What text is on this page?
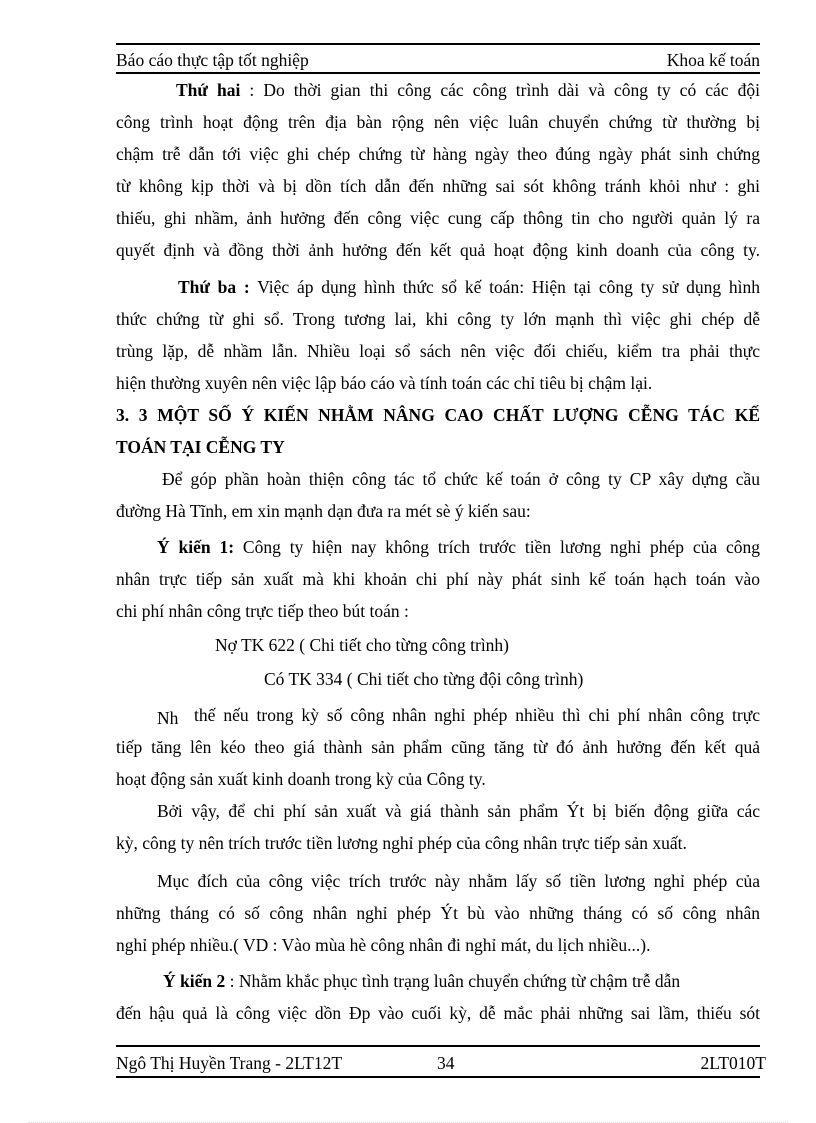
Báo cáo thực tập tốt nghiệp	Khoa kế toán
Thứ hai : Do thời gian thi công các công trình dài và công ty có các đội
công trình hoạt động trên địa bàn rộng nên việc luân chuyển chứng từ thường bị
chậm trễ dẫn tới việc ghi chép chứng từ hàng ngày theo đúng ngày phát sinh chứng
từ không kịp thời và bị dồn tích dẫn đến những sai sót không tránh khỏi như : ghi
thiếu, ghi nhầm, ảnh hưởng đến công việc cung cấp thông tin cho người quản lý ra
quyết định và đồng thời ảnh hưởng đến kết quả hoạt động kinh doanh của công ty.
Thứ ba : Việc áp dụng hình thức sổ kế toán: Hiện tại công ty sử dụng hình
thức chứng từ ghi sổ. Trong tương lai, khi công ty lớn mạnh thì việc ghi chép dễ
trùng lặp, dễ nhầm lẫn. Nhiều loại sổ sách nên việc đối chiếu, kiểm tra phải thực
hiện thường xuyên nên việc lập báo cáo và tính toán các chỉ tiêu bị chậm lại.
3. 3 MỘT SỐ Ý KIẾN NHẰM NÂNG CAO CHẤT LƯỢNG CỄNG TÁC KẾ
TOÁN TẠI CỄNG TY
Để góp phần hoàn thiện công tác tổ chức kế toán ở công ty CP xây dựng cầu
đường Hà Tĩnh, em xin mạnh dạn đưa ra mét sè ý kiến sau:
Ý kiến 1: Công ty hiện nay không trích trước tiền lương nghỉ phép của công
nhân trực tiếp sản xuất mà khi khoản chi phí này phát sinh kế toán hạch toán vào
chi phí nhân công trực tiếp theo bút toán :
Nợ TK 622 ( Chi tiết cho từng công trình)
Có TK 334 ( Chi tiết cho từng đội công trình)
Nh thế nếu trong kỳ số công nhân nghỉ phép nhiều thì chi phí nhân công trực
tiếp tăng lên kéo theo giá thành sản phẩm cũng tăng từ đó ảnh hưởng đến kết quả
hoạt động sản xuất kinh doanh trong kỳ của Công ty.
Bởi vậy, để chi phí sản xuất và giá thành sản phẩm Ýt bị biến động giữa các
kỳ, công ty nên trích trước tiền lương nghỉ phép của công nhân trực tiếp sản xuất.
Mục đích của công việc trích trước này nhằm lấy số tiền lương nghỉ phép của
những tháng có số công nhân nghỉ phép Ýt bù vào những tháng có số công nhân
nghỉ phép nhiều.( VD : Vào mùa hè công nhân đi nghỉ mát, du lịch nhiều...).
Ý kiến 2 : Nhằm khắc phục tình trạng luân chuyển chứng từ chậm trễ dẫn
đến hậu quả là công việc dồn Đp vào cuối kỳ, dễ mắc phải những sai lầm, thiếu sót
Ngô Thị Huyền Trang - 2LT12T	34	2LT010T
